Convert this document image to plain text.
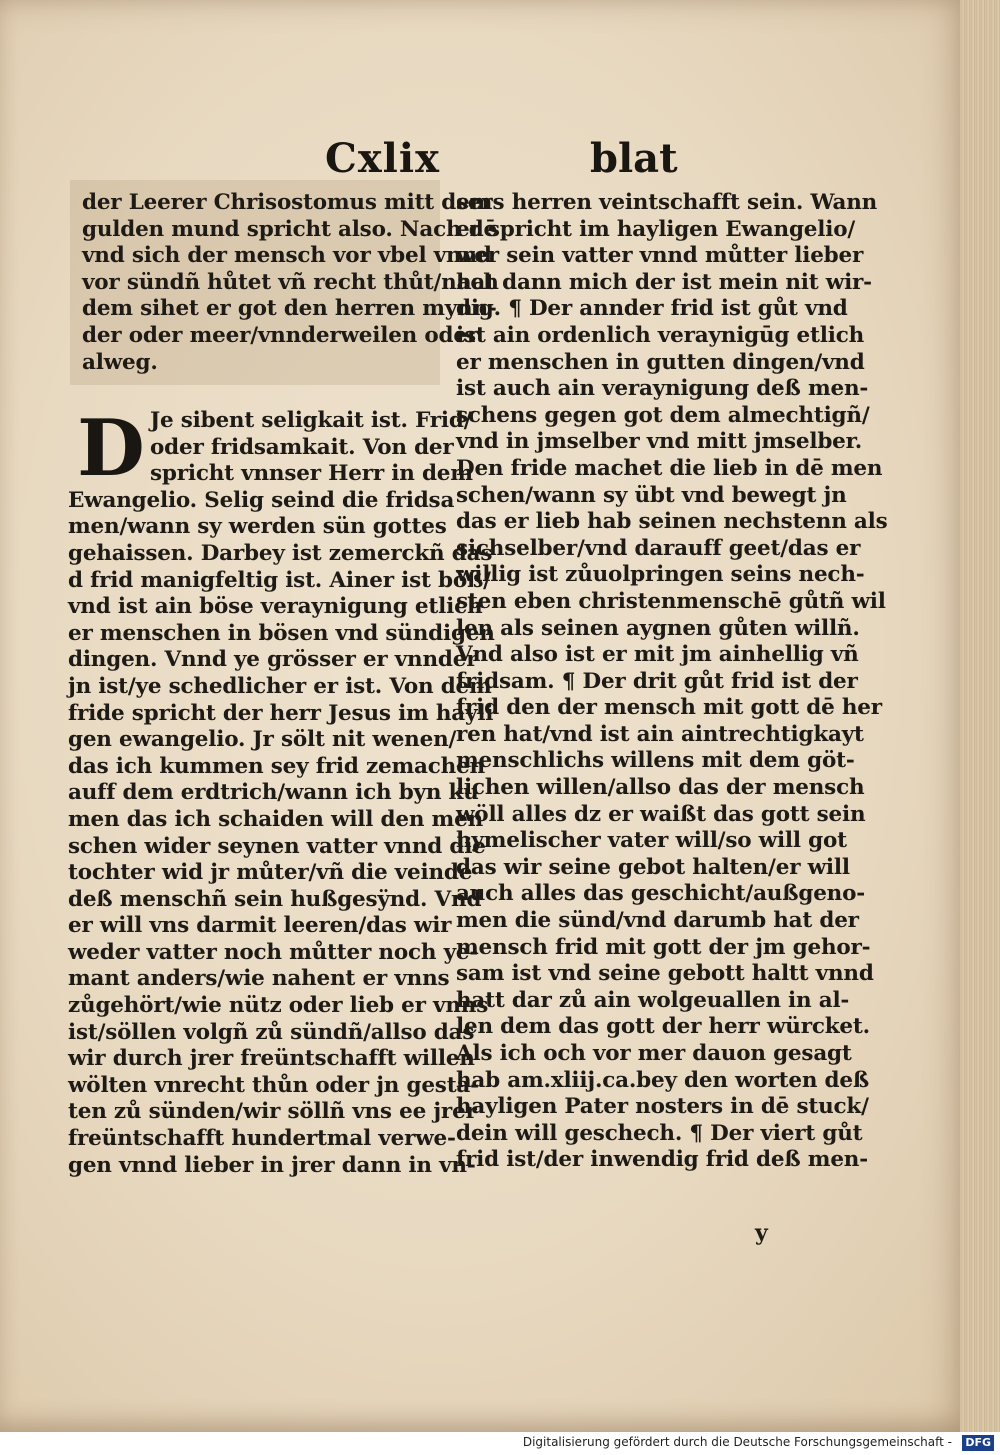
Cxlix	blat
der Leerer Chrisostomus mitt dem
gulden mund spricht also. Nach dē
vnd sich der mensch vor vbel vnnd
vor sündñ hůtet vñ recht thůt/nach
dem sihet er got den herren mynn-
der oder meer/vnnderweilen oder
alweg.
D Je sibent seligkait ist. Frid/
oder fridsamkait. Von der
spricht vnnser Herr in dem
Ewangelio. Selig seind die fridsa
men/wann sy werden sün gottes
gehaissen. Darbey ist zemerckñ das
d frid manigfeltig ist. Ainer ist böß/
vnd ist ain böse veraynigung etlich
er menschen in bösen vnd sündigen
dingen. Vnnd ye grösser er vnnder
jn ist/ye schedlicher er ist. Von dem
fride spricht der herr Jesus im hayli
gen ewangelio. Jr sölt nit wenen/
das ich kummen sey frid zemachen
auff dem erdtrich/wann ich byn ku
men das ich schaiden will den men
schen wider seynen vatter vnnd die
tochter wid jr můter/vñ die veinde
deß menschñ sein hußgesÿnd. Vnd
er will vns darmit leeren/das wir
weder vatter noch můtter noch ye-
mant anders/wie nahent er vnns
zůgehört/wie nütz oder lieb er vnns
ist/söllen volgñ zů sündñ/allso das
wir durch jrer freüntschafft willen
wölten vnrecht thůn oder jn gesta-
ten zů sünden/wir söllñ vns ee jrer
freüntschafft hundertmal verwe-
gen vnnd lieber in jrer dann in vn-
sers herren veintschafft sein. Wann
er spricht im hayligen Ewangelio/
wer sein vatter vnnd můtter lieber
hat dann mich der ist mein nit wir-
dig. ¶ Der annder frid ist gůt vnd
ist ain ordenlich veraynigūg etlich
er menschen in gutten dingen/vnd
ist auch ain veraynigung deß men-
schens gegen got dem almechtigñ/
vnd in jmselber vnd mitt jmselber.
Den fride machet die lieb in dē men
schen/wann sy übt vnd bewegt jn
das er lieb hab seinen nechstenn als
sichselber/vnd darauff geet/das er
willig ist zůuolpringen seins nech-
sten eben christenmenschē gůtñ wil
len als seinen aygnen gůten willñ.
Vnd also ist er mit jm ainhellig vñ
fridsam. ¶ Der drit gůt frid ist der
frid den der mensch mit gott dē her
ren hat/vnd ist ain aintrechtigkayt
menschlichs willens mit dem göt-
lichen willen/allso das der mensch
wöll alles dz er waißt das gott sein
hymelischer vater will/so will got
das wir seine gebot halten/er will
auch alles das geschicht/außgeno-
men die sünd/vnd darumb hat der
mensch frid mit gott der jm gehor-
sam ist vnd seine gebott haltt vnnd
hatt dar zů ain wolgeuallen in al-
len dem das gott der herr würcket.
Als ich och vor mer dauon gesagt
hab am.xliij.ca.bey den worten deß
hayligen Pater nosters in dē stuck/
dein will geschech. ¶ Der viert gůt
frid ist/der inwendig frid deß men-
y
Digitalisierung gefördert durch die Deutsche Forschungsgemeinschaft - DFG
